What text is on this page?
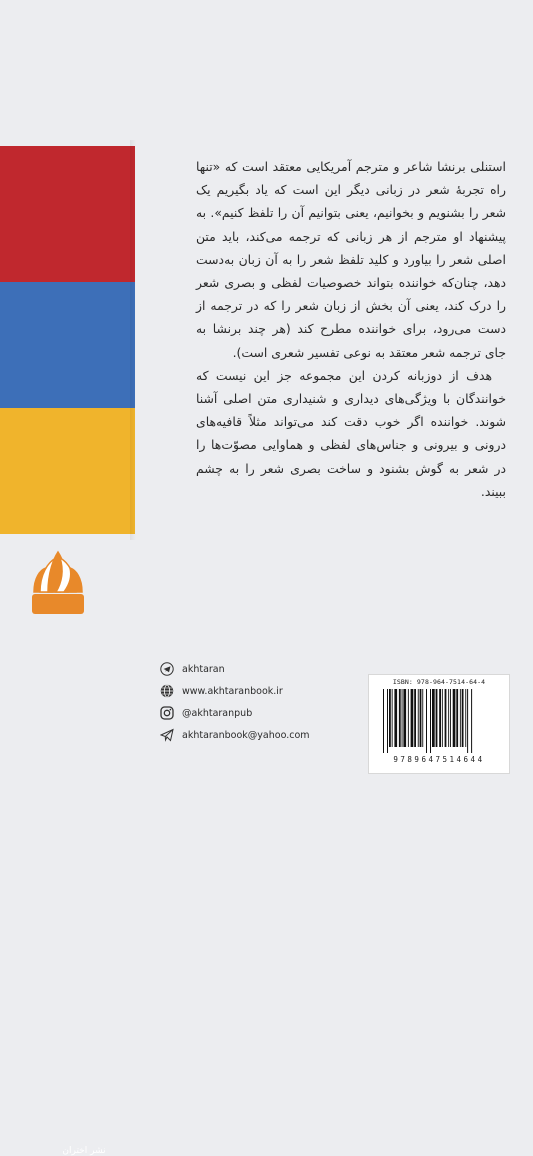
استنلی برنشا شاعر و مترجم آمریکایی معتقد است که «تنها راه تجربهٔ شعر در زبانی دیگر این است که یاد بگیریم یک شعر را بشنویم و بخوانیم، یعنی بتوانیم آن را تلفظ کنیم». به پیشنهاد او مترجم از هر زبانی که ترجمه می‌کند، باید متن اصلی شعر را بیاورد و کلید تلفظ شعر را به آن زبان به‌دست دهد، چنان‌که خواننده بتواند خصوصیات لفظی و بصری شعر را درک کند، یعنی آن بخش از زبان شعر را که در ترجمه از دست می‌رود، برای خواننده مطرح کند (هر چند برنشا به جای ترجمه شعر معتقد به نوعی تفسیر شعری است).

هدف از دوزبانه کردن این مجموعه جز این نیست که خوانندگان با ویژگی‌های دیداری و شنیداری متن اصلی آشنا شوند. خواننده اگر خوب دقت کند می‌تواند مثلاً قافیه‌های درونی و بیرونی و جناس‌های لفظی و هماوایی مصوّت‌ها را در شعر به گوش بشنود و ساخت بصری شعر را به چشم ببیند.

نشر اختران
akhtaran
www.akhtaranbook.ir
@akhtaranpub
akhtaranbook@yahoo.com
ISBN: 978-964-7514-64-4
9789647514644
